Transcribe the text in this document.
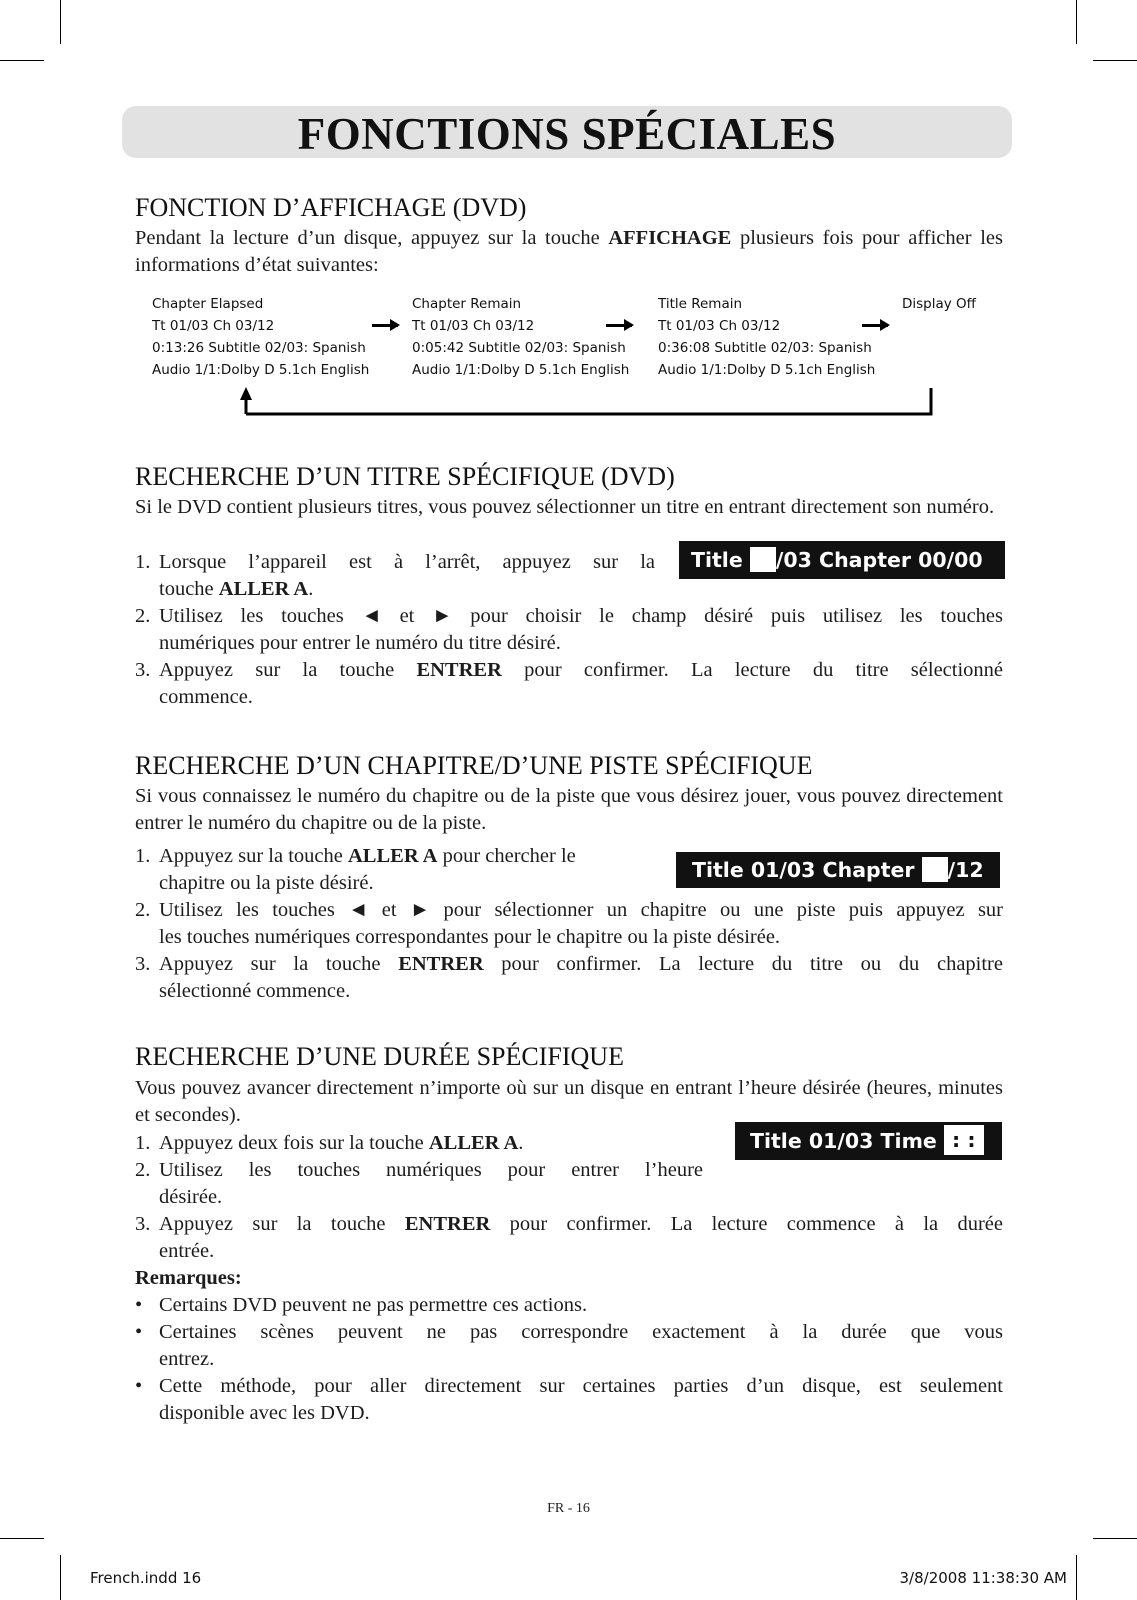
FONCTIONS SPÉCIALES
FONCTION D’AFFICHAGE (DVD)
Pendant la lecture d’un disque, appuyez sur la touche AFFICHAGE plusieurs fois pour afficher les informations d’état suivantes:
Chapter Elapsed
Tt 01/03 Ch 03/12
0:13:26 Subtitle 02/03: Spanish
Audio 1/1:Dolby D 5.1ch English
Chapter Remain
Tt 01/03 Ch 03/12
0:05:42 Subtitle 02/03: Spanish
Audio 1/1:Dolby D 5.1ch English
Title Remain
Tt 01/03 Ch 03/12
0:36:08 Subtitle 02/03: Spanish
Audio 1/1:Dolby D 5.1ch English
Display Off
RECHERCHE D’UN TITRE SPÉCIFIQUE (DVD)
Si le DVD contient plusieurs titres, vous pouvez sélectionner un titre en entrant directement son numéro.
Title /03 Chapter 00/00
1. Lorsque l’appareil est à l’arrêt, appuyez sur la
touche ALLER A.
2. Utilisez les touches ◄ et ► pour choisir le champ désiré puis utilisez les touches
numériques pour entrer le numéro du titre désiré.
3. Appuyez sur la touche ENTRER pour confirmer. La lecture du titre sélectionné
commence.
RECHERCHE D’UN CHAPITRE/D’UNE PISTE SPÉCIFIQUE
Si vous connaissez le numéro du chapitre ou de la piste que vous désirez jouer, vous pouvez directement entrer le numéro du chapitre ou de la piste.
Title 01/03 Chapter /12
1. Appuyez sur la touche ALLER A pour chercher le
chapitre ou la piste désiré.
2. Utilisez les touches ◄ et ► pour sélectionner un chapitre ou une piste puis appuyez sur
les touches numériques correspondantes pour le chapitre ou la piste désirée.
3. Appuyez sur la touche ENTRER pour confirmer. La lecture du titre ou du chapitre
sélectionné commence.
RECHERCHE D’UNE DURÉE SPÉCIFIQUE
Vous pouvez avancer directement n’importe où sur un disque en entrant l’heure désirée (heures, minutes et secondes).
Title 01/03 Time : :
1. Appuyez deux fois sur la touche ALLER A.
2. Utilisez les touches numériques pour entrer l’heure
désirée.
3. Appuyez sur la touche ENTRER pour confirmer. La lecture commence à la durée
entrée.
Remarques:
• Certains DVD peuvent ne pas permettre ces actions.
• Certaines scènes peuvent ne pas correspondre exactement à la durée que vous
entrez.
• Cette méthode, pour aller directement sur certaines parties d’un disque, est seulement
disponible avec les DVD.
FR - 16
French.indd 16	3/8/2008 11:38:30 AM
